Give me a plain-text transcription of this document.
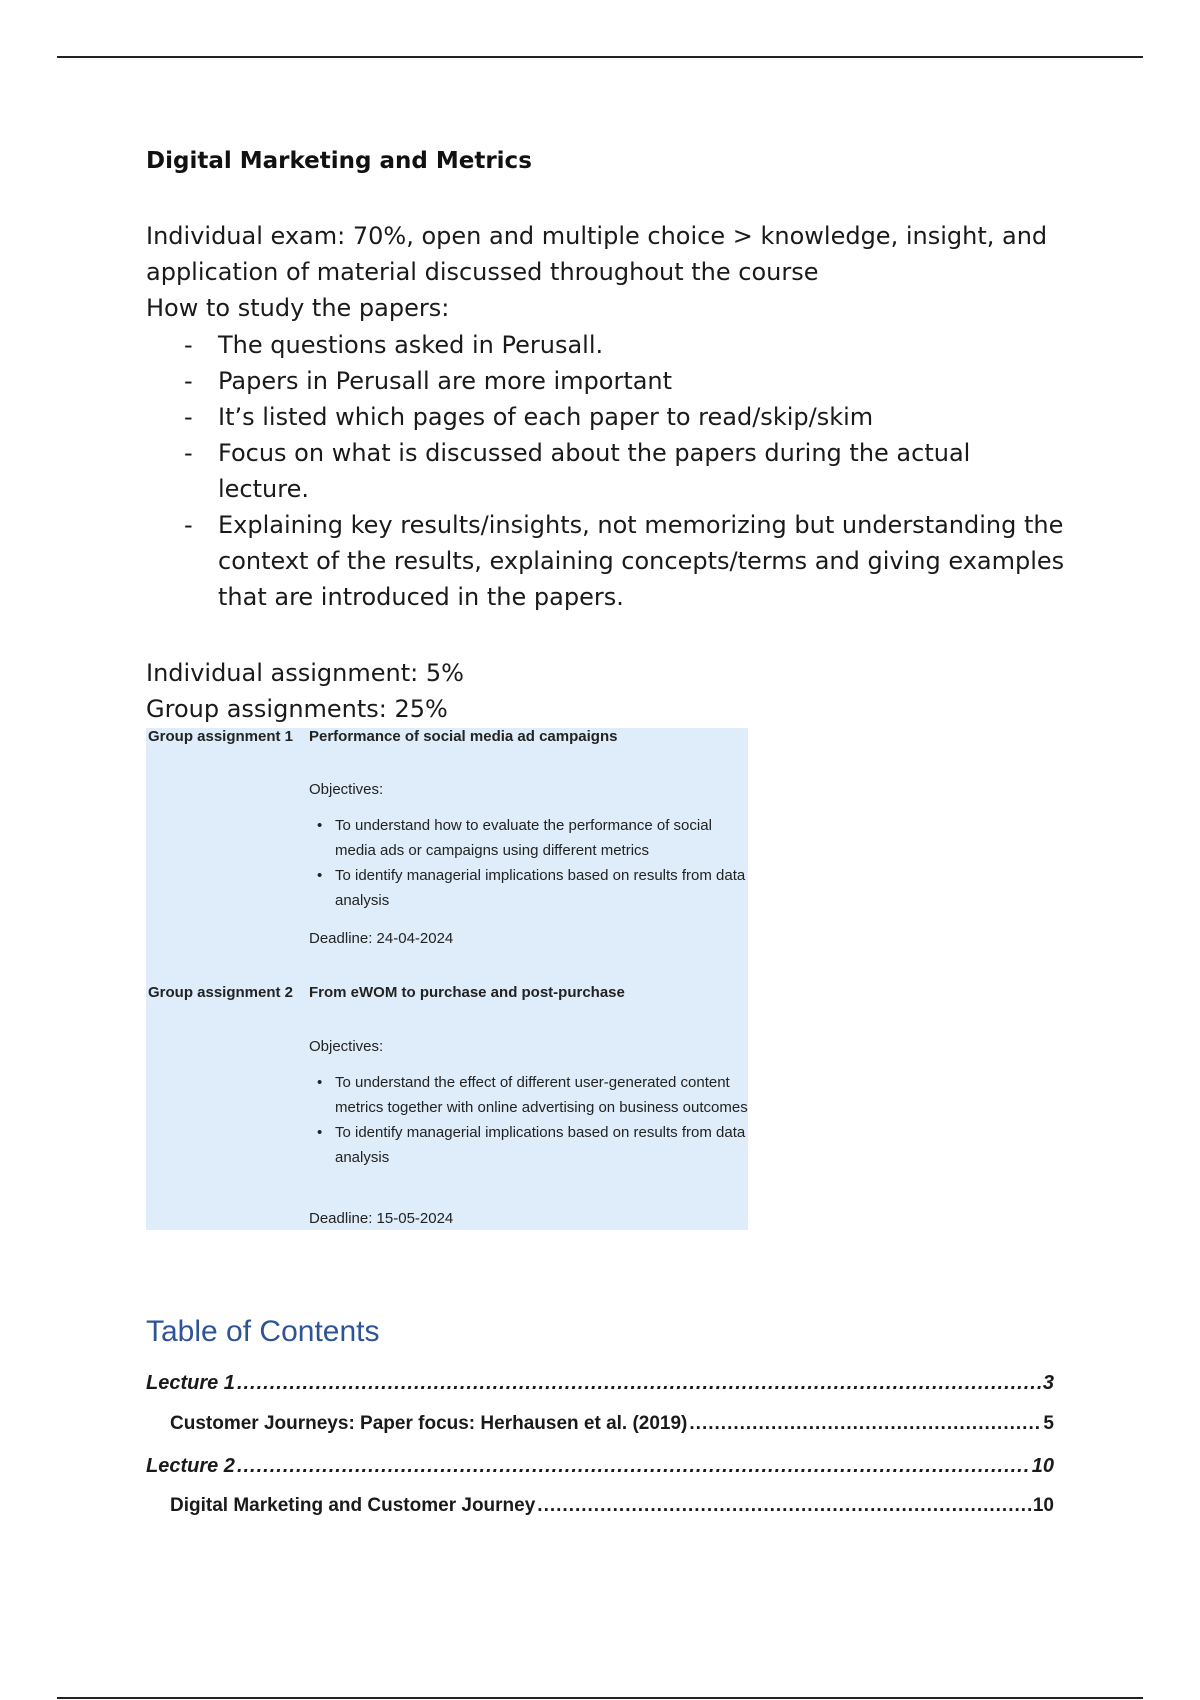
Digital Marketing and Metrics
Individual exam: 70%, open and multiple choice > knowledge, insight, and
application of material discussed throughout the course
How to study the papers:
- The questions asked in Perusall.
- Papers in Perusall are more important
- It’s listed which pages of each paper to read/skip/skim
- Focus on what is discussed about the papers during the actual lecture.
- Explaining key results/insights, not memorizing but understanding the context of the results, explaining concepts/terms and giving examples that are introduced in the papers.
Individual assignment: 5%
Group assignments: 25%
Group assignment 1 Performance of social media ad campaigns
Objectives:
• To understand how to evaluate the performance of social media ads or campaigns using different metrics
• To identify managerial implications based on results from data analysis
Deadline: 24-04-2024
Group assignment 2 From eWOM to purchase and post-purchase
Objectives:
• To understand the effect of different user-generated content metrics together with online advertising on business outcomes
• To identify managerial implications based on results from data analysis
Deadline: 15-05-2024
Table of Contents
Lecture 1 .....	3
Customer Journeys: Paper focus: Herhausen et al. (2019) .....	5
Lecture 2 .....	10
Digital Marketing and Customer Journey .....	10
